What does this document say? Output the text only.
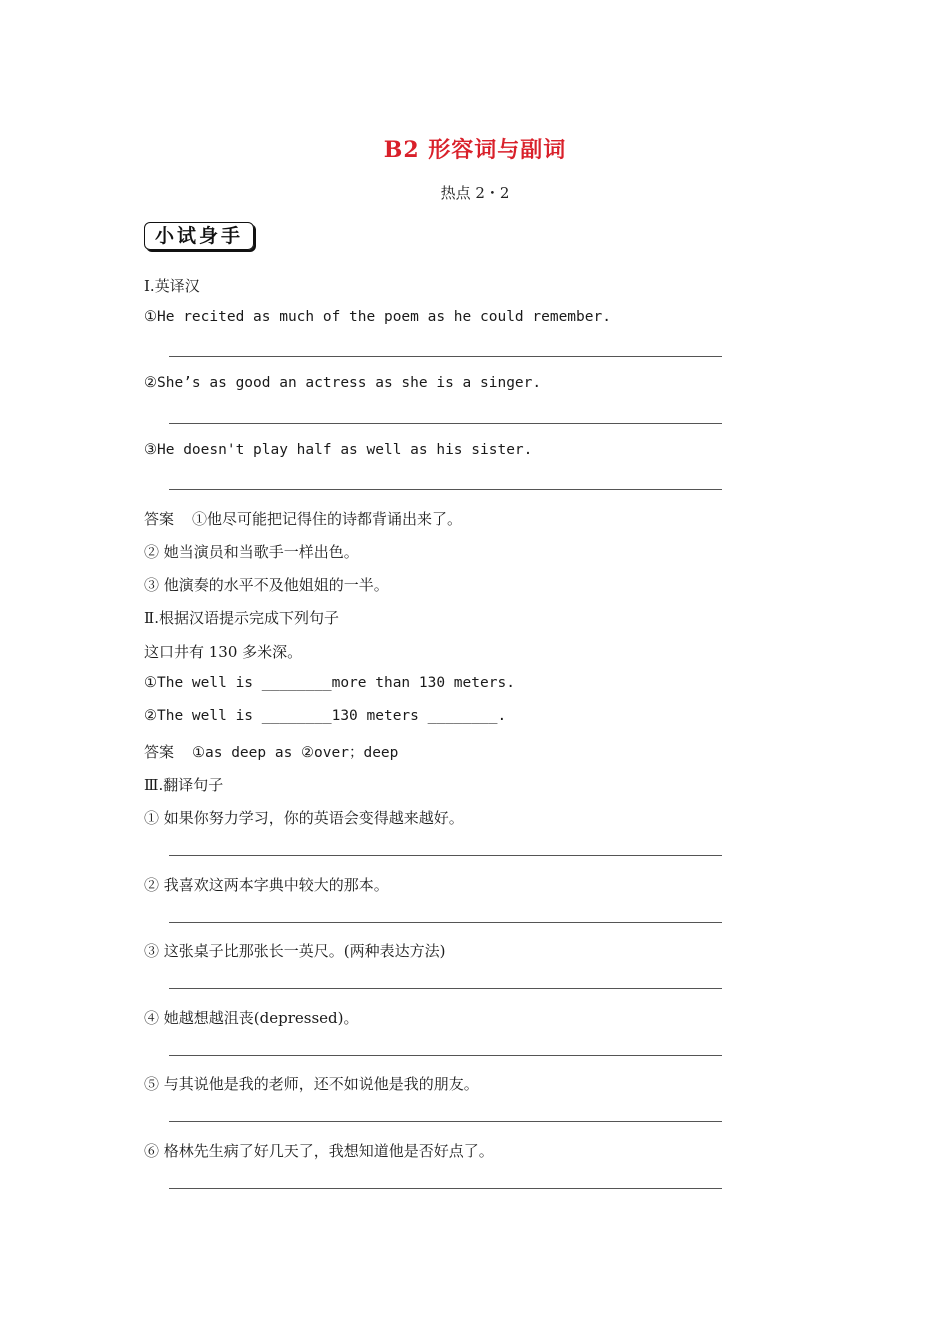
B2 形容词与副词
热点 2・2
小试身手
Ⅰ.英译汉
①He recited as much of the poem as he could remember.
②She’s as good an actress as she is a singer.
③He doesn't play half as well as his sister.
答案 ①他尽可能把记得住的诗都背诵出来了。
② 她当演员和当歌手一样出色。
③ 他演奏的水平不及他姐姐的一半。
Ⅱ.根据汉语提示完成下列句子
这口井有 130 多米深。
①The well is ________more than 130 meters.
②The well is ________130 meters ________.
答案 ①as deep as ②over；deep
Ⅲ.翻译句子
① 如果你努力学习，你的英语会变得越来越好。
② 我喜欢这两本字典中较大的那本。
③ 这张桌子比那张长一英尺。(两种表达方法)
④ 她越想越沮丧(depressed)。
⑤ 与其说他是我的老师，还不如说他是我的朋友。
⑥ 格林先生病了好几天了，我想知道他是否好点了。
